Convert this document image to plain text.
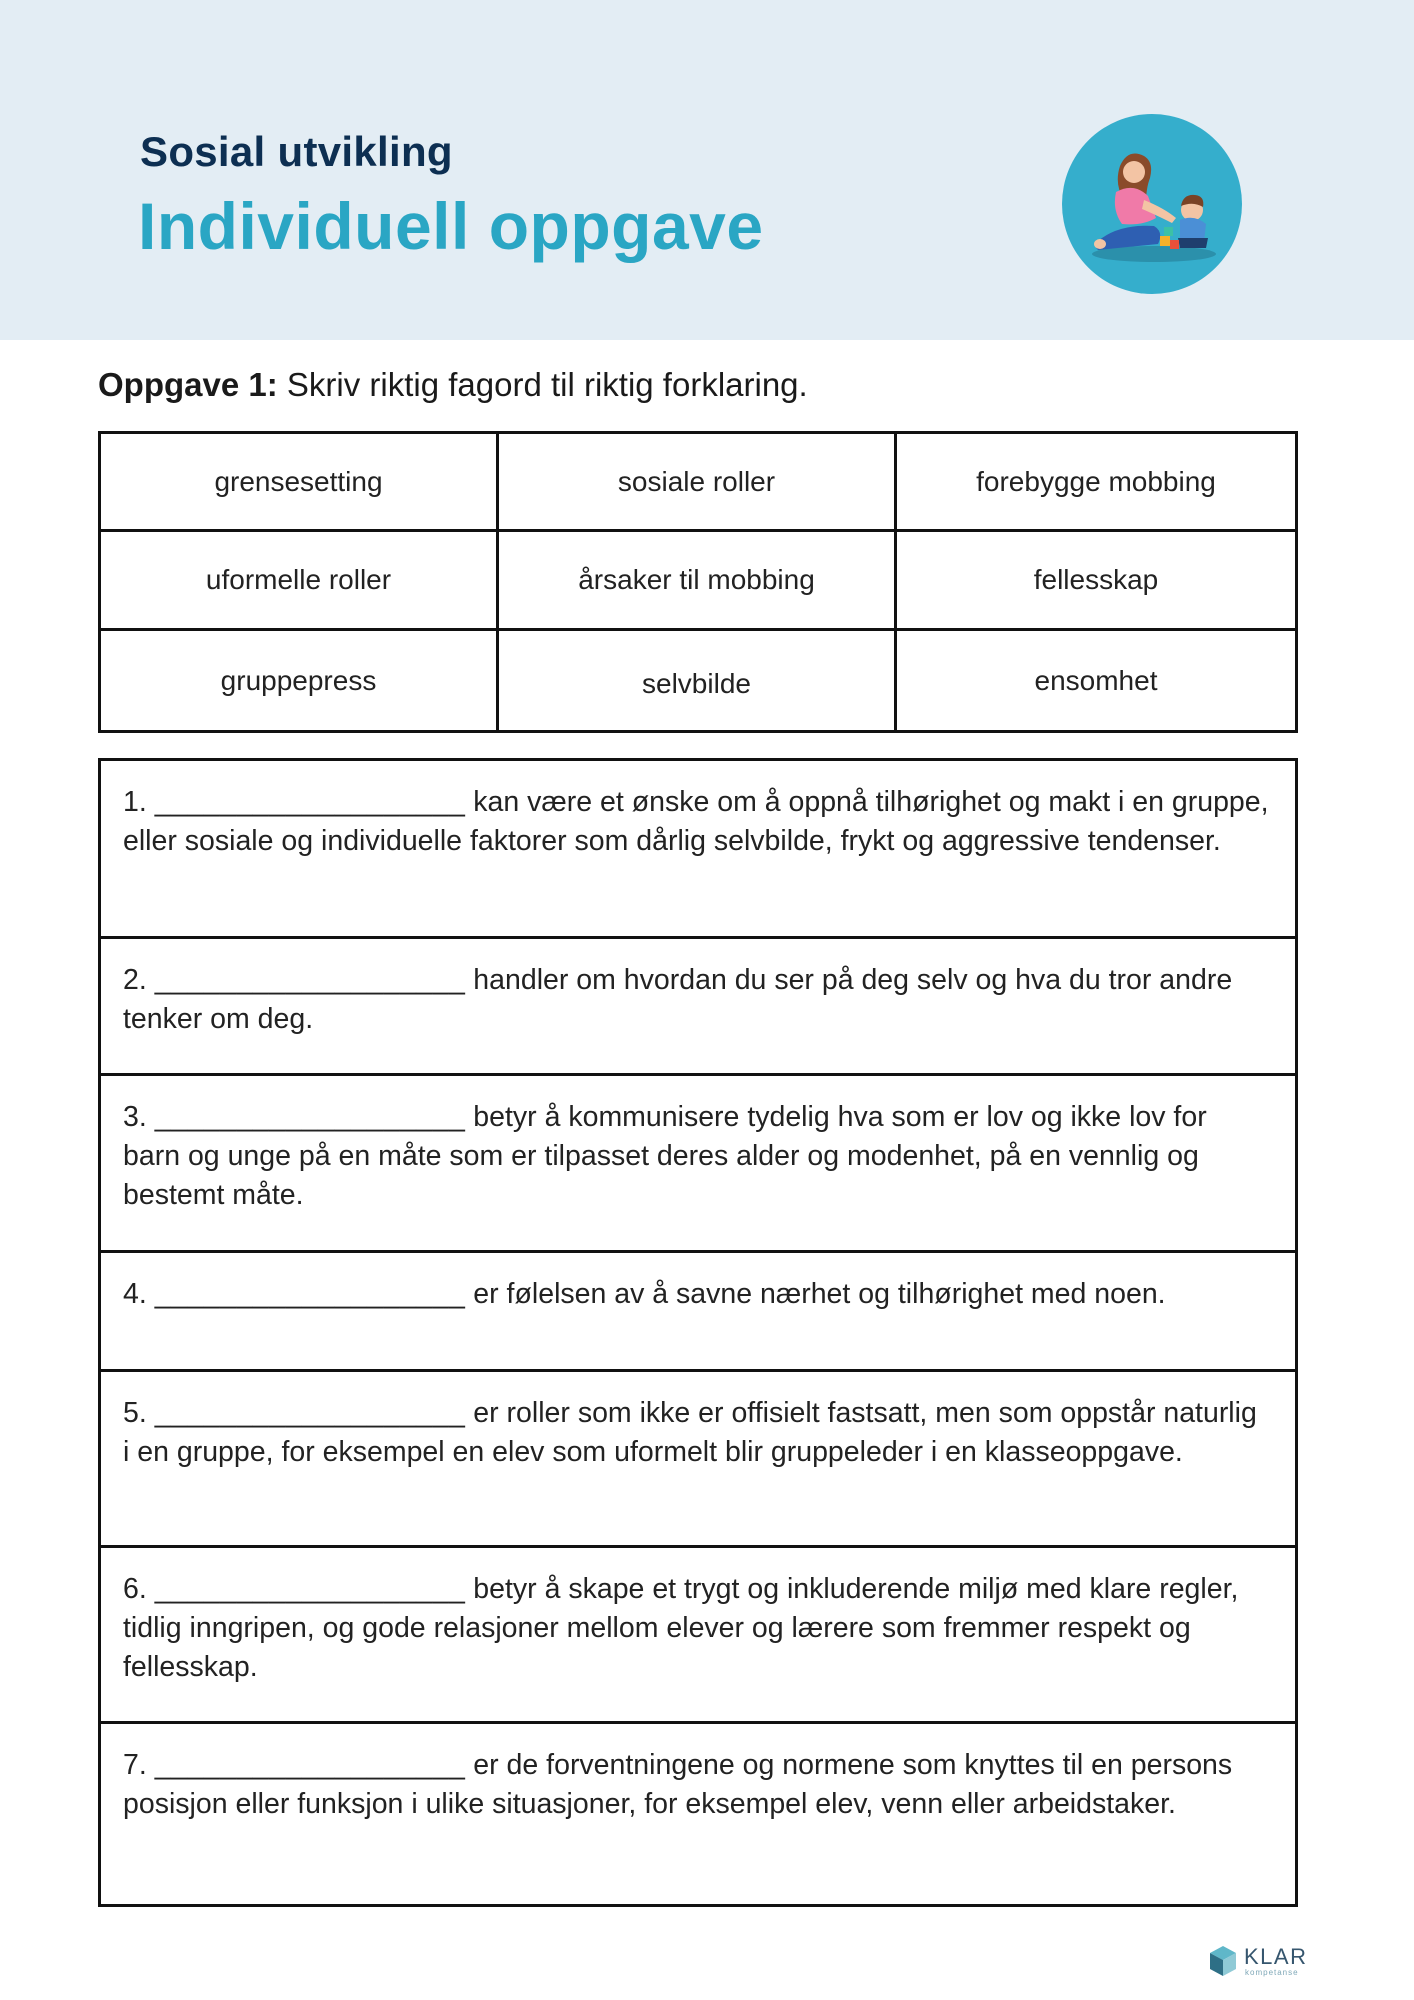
Sosial utvikling
Individuell oppgave
Oppgave 1: Skriv riktig fagord til riktig forklaring.
grensesetting	sosiale roller	forebygge mobbing
uformelle roller	årsaker til mobbing	fellesskap
gruppepress	selvbilde	ensomhet
1. ___________________ kan være et ønske om å oppnå tilhørighet og makt i en gruppe, eller sosiale og individuelle faktorer som dårlig selvbilde, frykt og aggressive tendenser.
2. ___________________ handler om hvordan du ser på deg selv og hva du tror andre tenker om deg.
3. ___________________ betyr å kommunisere tydelig hva som er lov og ikke lov for barn og unge på en måte som er tilpasset deres alder og modenhet, på en vennlig og bestemt måte.
4. ___________________ er følelsen av å savne nærhet og tilhørighet med noen.
5. ___________________ er roller som ikke er offisielt fastsatt, men som oppstår naturlig i en gruppe, for eksempel en elev som uformelt blir gruppeleder i en klasseoppgave.
6. ___________________ betyr å skape et trygt og inkluderende miljø med klare regler, tidlig inngripen, og gode relasjoner mellom elever og lærere som fremmer respekt og fellesskap.
7. ___________________ er de forventningene og normene som knyttes til en persons posisjon eller funksjon i ulike situasjoner, for eksempel elev, venn eller arbeidstaker.
KLAR
kompetanse
